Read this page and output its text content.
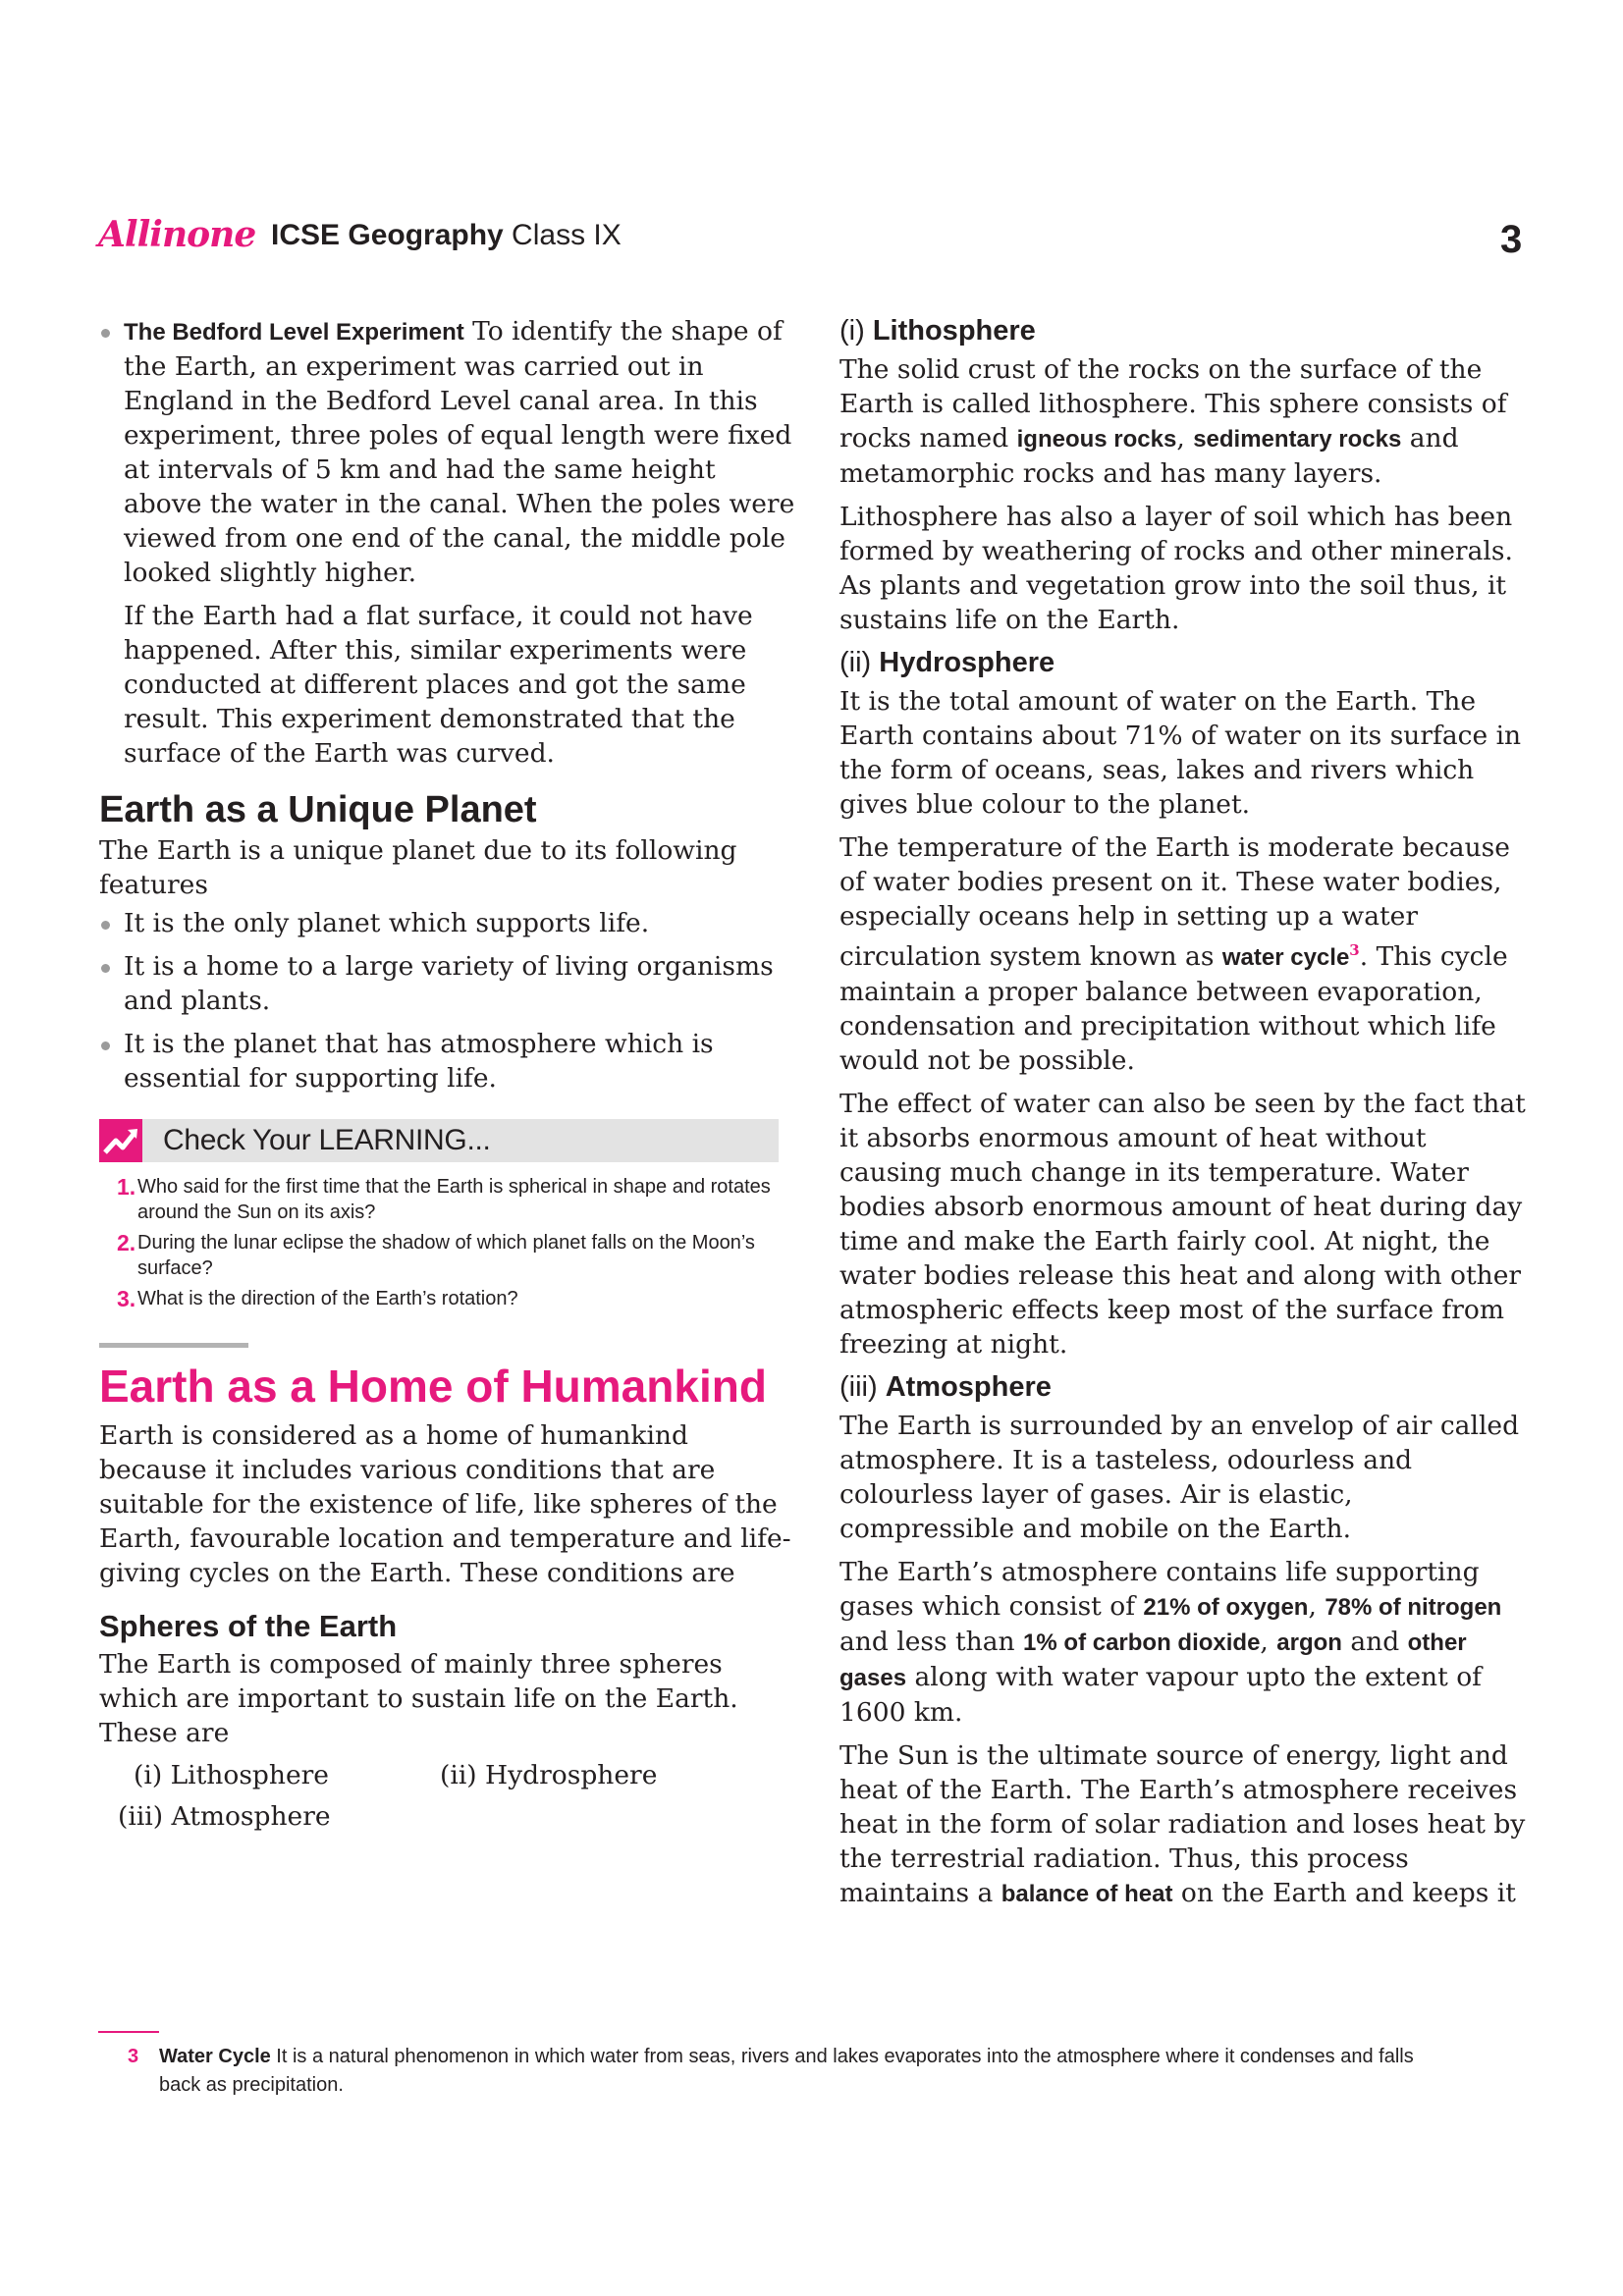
Allinone ICSE Geography Class IX	3

The Bedford Level Experiment To identify the shape of the Earth, an experiment was carried out in England in the Bedford Level canal area. In this experiment, three poles of equal length were fixed at intervals of 5 km and had the same height above the water in the canal. When the poles were viewed from one end of the canal, the middle pole looked slightly higher.

If the Earth had a flat surface, it could not have happened. After this, similar experiments were conducted at different places and got the same result. This experiment demonstrated that the surface of the Earth was curved.

Earth as a Unique Planet

The Earth is a unique planet due to its following features

It is the only planet which supports life.

It is a home to a large variety of living organisms and plants.

It is the planet that has atmosphere which is essential for supporting life.

Check Your LEARNING...
1. Who said for the first time that the Earth is spherical in shape and rotates around the Sun on its axis?
2. During the lunar eclipse the shadow of which planet falls on the Moon’s surface?
3. What is the direction of the Earth’s rotation?
Earth as a Home of Humankind

Earth is considered as a home of humankind because it includes various conditions that are suitable for the existence of life, like spheres of the Earth, favourable location and temperature and life-giving cycles on the Earth. These conditions are

Spheres of the Earth

The Earth is composed of mainly three spheres which are important to sustain life on the Earth. These are

(i) Lithosphere	(ii) Hydrosphere
(iii) Atmosphere
(i) Lithosphere

The solid crust of the rocks on the surface of the Earth is called lithosphere. This sphere consists of rocks named igneous rocks, sedimentary rocks and metamorphic rocks and has many layers.

Lithosphere has also a layer of soil which has been formed by weathering of rocks and other minerals. As plants and vegetation grow into the soil thus, it sustains life on the Earth.

(ii) Hydrosphere

It is the total amount of water on the Earth. The Earth contains about 71% of water on its surface in the form of oceans, seas, lakes and rivers which gives blue colour to the planet.

The temperature of the Earth is moderate because of water bodies present on it. These water bodies, especially oceans help in setting up a water circulation system known as water cycle$^3$. This cycle maintain a proper balance between evaporation, condensation and precipitation without which life would not be possible.

The effect of water can also be seen by the fact that it absorbs enormous amount of heat without causing much change in its temperature. Water bodies absorb enormous amount of heat during day time and make the Earth fairly cool. At night, the water bodies release this heat and along with other atmospheric effects keep most of the surface from freezing at night.

(iii) Atmosphere

The Earth is surrounded by an envelop of air called atmosphere. It is a tasteless, odourless and colourless layer of gases. Air is elastic, compressible and mobile on the Earth.

The Earth’s atmosphere contains life supporting gases which consist of 21% of oxygen, 78% of nitrogen and less than 1% of carbon dioxide, argon and other gases along with water vapour upto the extent of 1600 km.

The Sun is the ultimate source of energy, light and heat of the Earth. The Earth’s atmosphere receives heat in the form of solar radiation and loses heat by the terrestrial radiation. Thus, this process maintains a balance of heat on the Earth and keeps it

3	Water Cycle It is a natural phenomenon in which water from seas, rivers and lakes evaporates into the atmosphere where it condenses and falls back as precipitation.
